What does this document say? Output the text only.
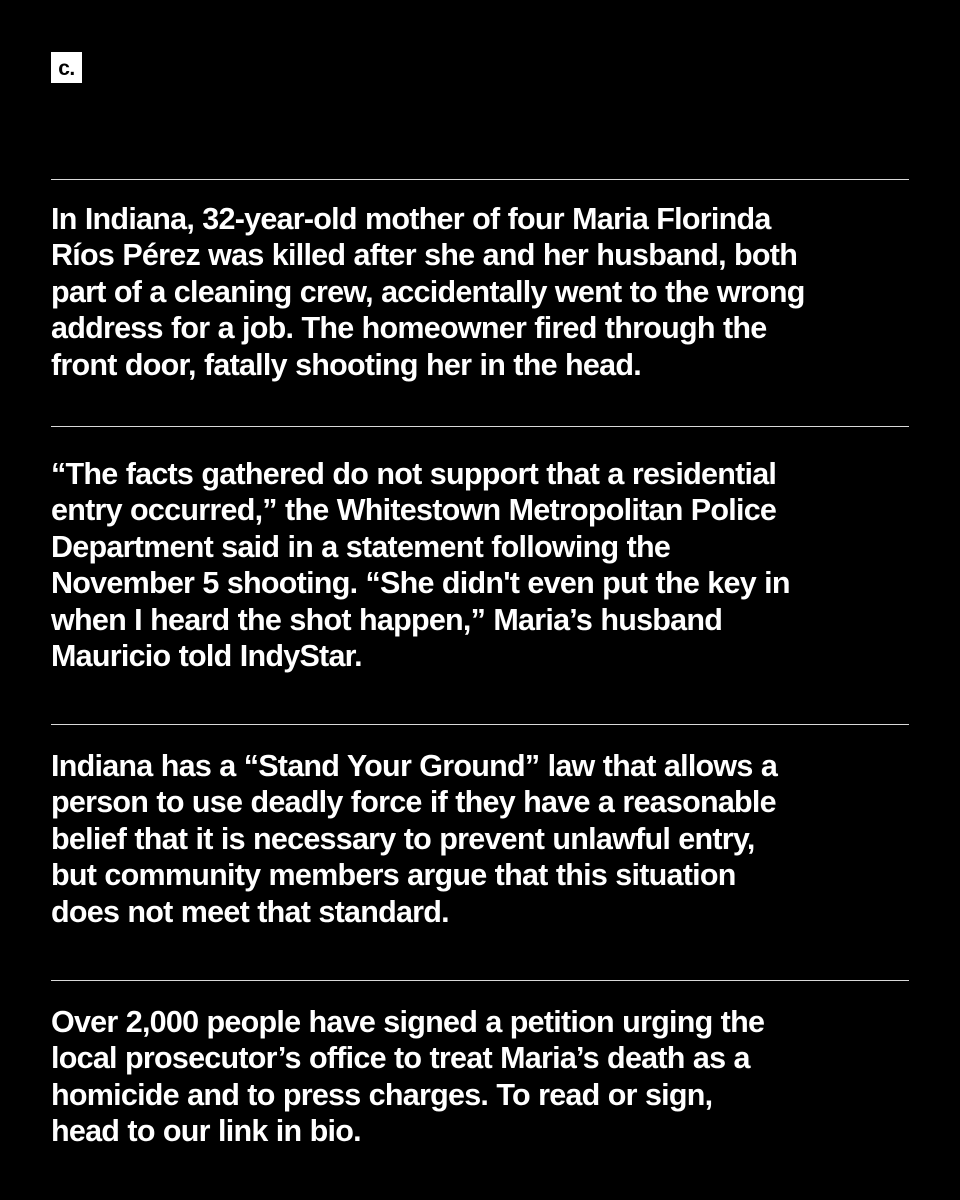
c.

In Indiana, 32-year-old mother of four Maria Florinda
Ríos Pérez was killed after she and her husband, both
part of a cleaning crew, accidentally went to the wrong
address for a job. The homeowner fired through the
front door, fatally shooting her in the head.

“The facts gathered do not support that a residential
entry occurred,” the Whitestown Metropolitan Police
Department said in a statement following the
November 5 shooting. “She didn't even put the key in
when I heard the shot happen,” Maria’s husband
Mauricio told IndyStar.

Indiana has a “Stand Your Ground” law that allows a
person to use deadly force if they have a reasonable
belief that it is necessary to prevent unlawful entry,
but community members argue that this situation
does not meet that standard.

Over 2,000 people have signed a petition urging the
local prosecutor’s office to treat Maria’s death as a
homicide and to press charges. To read or sign,
head to our link in bio.
